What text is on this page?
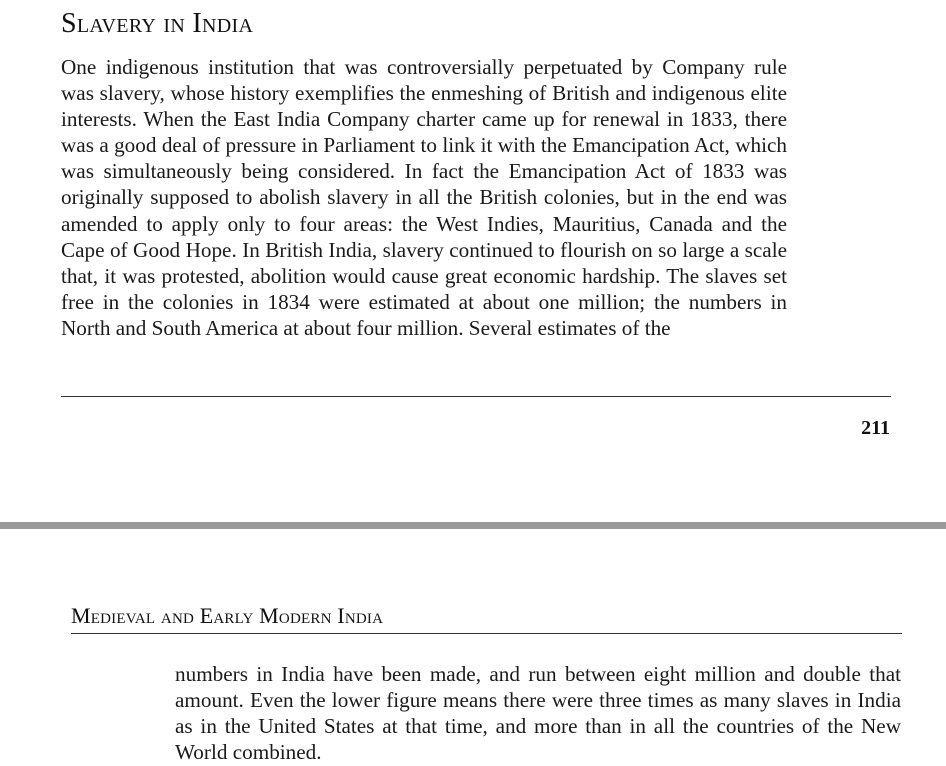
Slavery in India

One indigenous institution that was controversially perpetuated by Company rule was slavery, whose history exemplifies the enmeshing of British and indigenous elite interests. When the East India Company charter came up for renewal in 1833, there was a good deal of pressure in Parliament to link it with the Emancipation Act, which was simultaneously being considered. In fact the Emancipation Act of 1833 was originally supposed to abolish slavery in all the British colonies, but in the end was amended to apply only to four areas: the West Indies, Mauritius, Canada and the Cape of Good Hope. In British India, slavery continued to flourish on so large a scale that, it was protested, abolition would cause great economic hardship. The slaves set free in the colonies in 1834 were estimated at about one million; the numbers in North and South America at about four million. Several estimates of the

211
Medieval and Early Modern India

numbers in India have been made, and run between eight million and double that amount. Even the lower figure means there were three times as many slaves in India as in the United States at that time, and more than in all the countries of the New World combined.
